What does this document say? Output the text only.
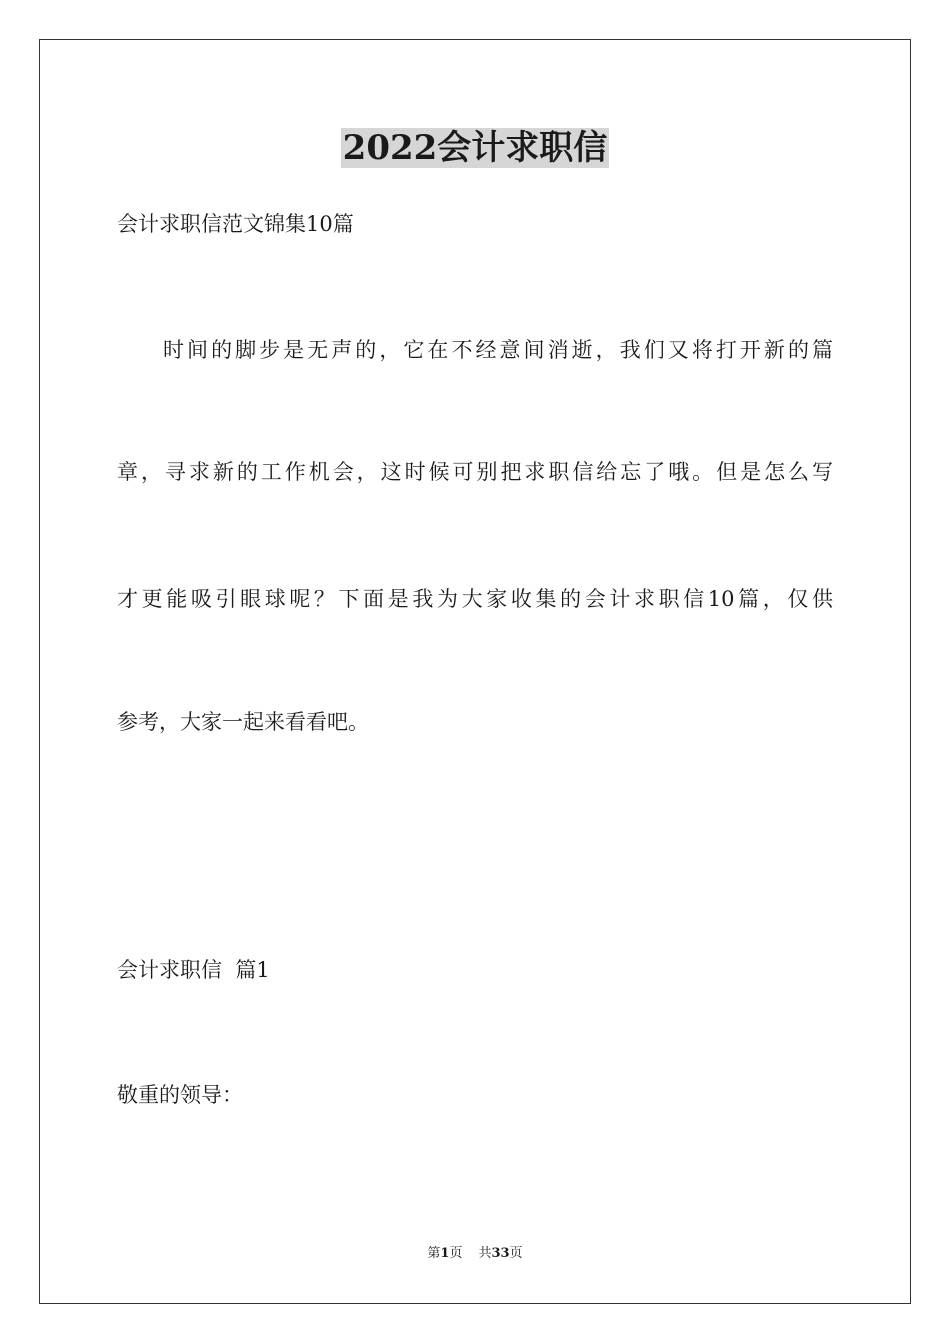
2022会计求职信
会计求职信范文锦集10篇
时间的脚步是无声的，它在不经意间消逝，我们又将打开新的篇
章，寻求新的工作机会，这时候可别把求职信给忘了哦。但是怎么写
才更能吸引眼球呢？下面是我为大家收集的会计求职信10篇，仅供
参考，大家一起来看看吧。
会计求职信  篇1
敬重的领导：
第1页 共33页
